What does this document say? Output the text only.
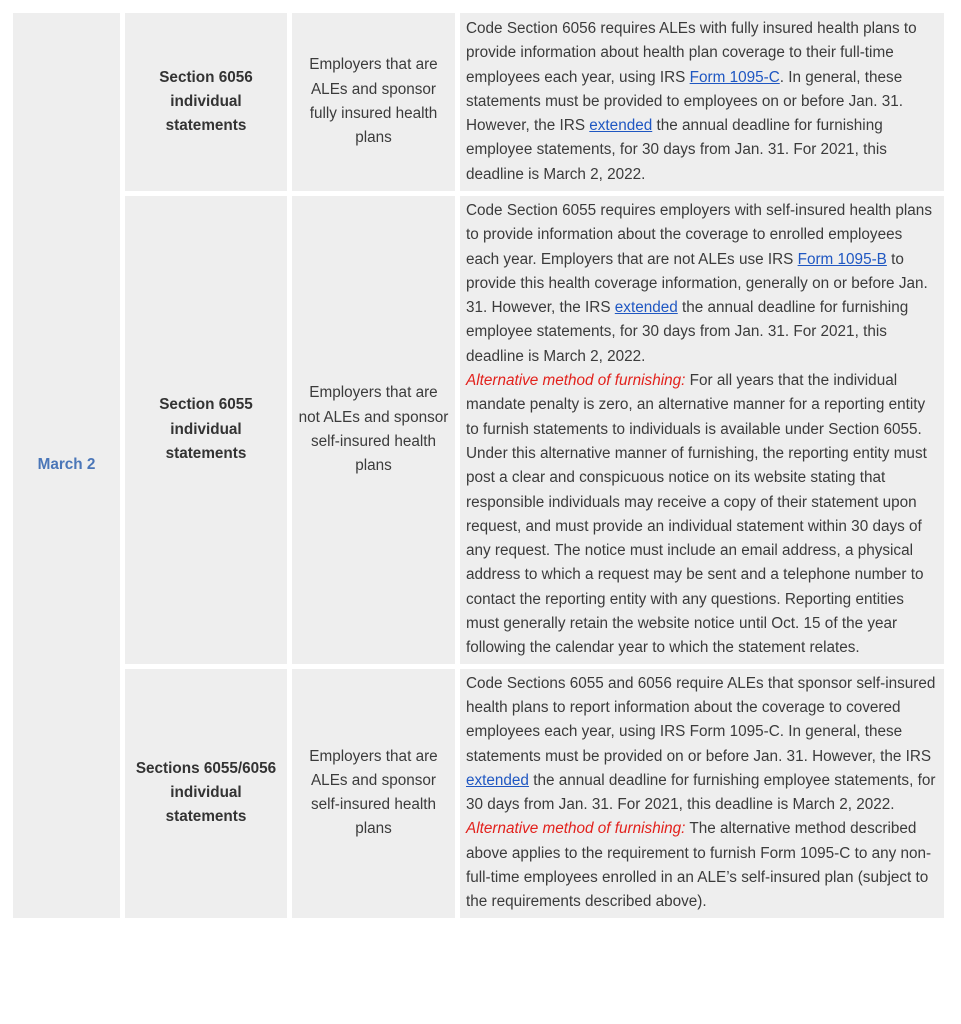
March 2	Section 6056 individual statements	Employers that are ALEs and sponsor fully insured health plans	Code Section 6056 requires ALEs with fully insured health plans to provide information about health plan coverage to their full-time employees each year, using IRS Form 1095-C. In general, these statements must be provided to employees on or before Jan. 31. However, the IRS extended the annual deadline for furnishing employee statements, for 30 days from Jan. 31. For 2021, this deadline is March 2, 2022.

	Section 6055 individual statements	Employers that are not ALEs and sponsor self-insured health plans	Code Section 6055 requires employers with self-insured health plans to provide information about the coverage to enrolled employees each year. Employers that are not ALEs use IRS Form 1095-B to provide this health coverage information, generally on or before Jan. 31. However, the IRS extended the annual deadline for furnishing employee statements, for 30 days from Jan. 31. For 2021, this deadline is March 2, 2022.

Alternative method of furnishing: For all years that the individual mandate penalty is zero, an alternative manner for a reporting entity to furnish statements to individuals is available under Section 6055. Under this alternative manner of furnishing, the reporting entity must post a clear and conspicuous notice on its website stating that responsible individuals may receive a copy of their statement upon request, and must provide an individual statement within 30 days of any request. The notice must include an email address, a physical address to which a request may be sent and a telephone number to contact the reporting entity with any questions. Reporting entities must generally retain the website notice until Oct. 15 of the year following the calendar year to which the statement relates.

	Sections 6055/6056 individual statements	Employers that are ALEs and sponsor self-insured health plans	Code Sections 6055 and 6056 require ALEs that sponsor self-insured health plans to report information about the coverage to covered employees each year, using IRS Form 1095-C. In general, these statements must be provided on or before Jan. 31. However, the IRS extended the annual deadline for furnishing employee statements, for 30 days from Jan. 31. For 2021, this deadline is March 2, 2022.

Alternative method of furnishing: The alternative method described above applies to the requirement to furnish Form 1095-C to any non-full-time employees enrolled in an ALE’s self-insured plan (subject to the requirements described above).
